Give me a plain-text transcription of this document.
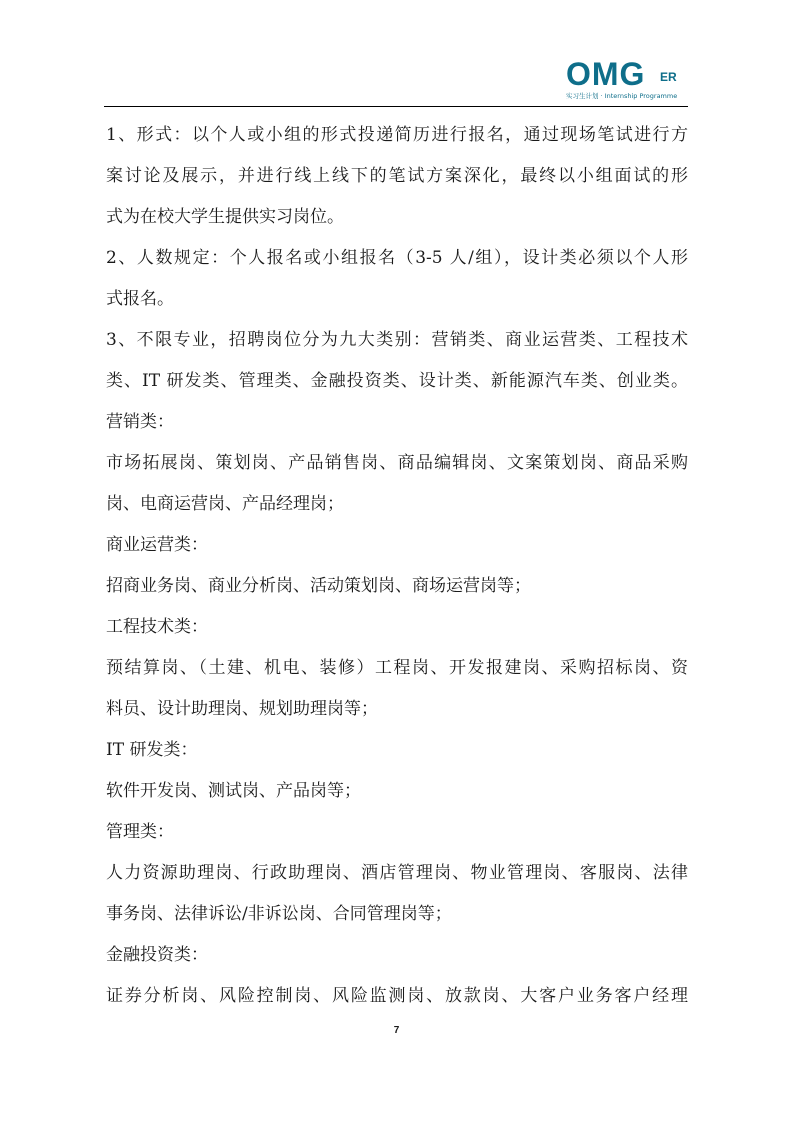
OMG ER
实习生计划 · Internship Programme
1、形式：以个人或小组的形式投递简历进行报名，通过现场笔试进行方
案讨论及展示，并进行线上线下的笔试方案深化，最终以小组面试的形
式为在校大学生提供实习岗位。
2、人数规定：个人报名或小组报名（3-5 人/组），设计类必须以个人形
式报名。
3、不限专业，招聘岗位分为九大类别：营销类、商业运营类、工程技术
类、IT 研发类、管理类、金融投资类、设计类、新能源汽车类、创业类。
营销类：
市场拓展岗、策划岗、产品销售岗、商品编辑岗、文案策划岗、商品采购
岗、电商运营岗、产品经理岗；
商业运营类：
招商业务岗、商业分析岗、活动策划岗、商场运营岗等；
工程技术类：
预结算岗、（土建、机电、装修）工程岗、开发报建岗、采购招标岗、资
料员、设计助理岗、规划助理岗等；
IT 研发类：
软件开发岗、测试岗、产品岗等；
管理类：
人力资源助理岗、行政助理岗、酒店管理岗、物业管理岗、客服岗、法律
事务岗、法律诉讼/非诉讼岗、合同管理岗等；
金融投资类：
证券分析岗、风险控制岗、风险监测岗、放款岗、大客户业务客户经理
7
